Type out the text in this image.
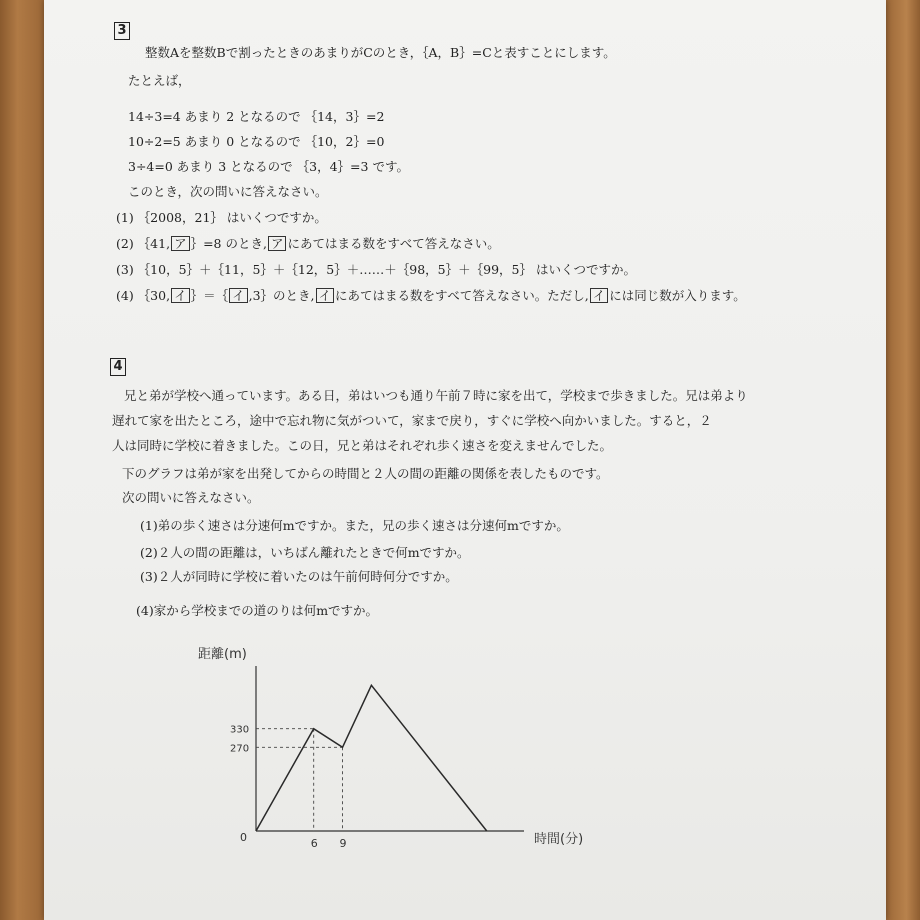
3
整数Aを整数Bで割ったときのあまりがCのとき，｛A，B｝=Cと表すことにします。
たとえば，
14÷3=4 あまり 2 となるので ｛14，3｝=2
10÷2=5 あまり 0 となるので ｛10，2｝=0
3÷4=0 あまり 3 となるので ｛3，4｝=3 です。
このとき，次の問いに答えなさい。
(1) ｛2008，21｝ はいくつですか。
(2) ｛41, ア ｝=8 のとき, ア にあてはまる数をすべて答えなさい。
(3) ｛10，5｝＋｛11，5｝＋｛12，5｝＋……＋｛98，5｝＋｛99，5｝ はいくつですか。
(4) ｛30, イ ｝＝｛ イ ,3｝のとき, イ にあてはまる数をすべて答えなさい。ただし, イ には同じ数が入ります。
4
兄と弟が学校へ通っています。ある日，弟はいつも通り午前７時に家を出て，学校まで歩きました。兄は弟より
遅れて家を出たところ，途中で忘れ物に気がついて，家まで戻り，すぐに学校へ向かいました。すると，２
人は同時に学校に着きました。この日，兄と弟はそれぞれ歩く速さを変えませんでした。
下のグラフは弟が家を出発してからの時間と２人の間の距離の関係を表したものです。
次の問いに答えなさい。
(1)弟の歩く速さは分速何mですか。また，兄の歩く速さは分速何mですか。
(2)２人の間の距離は，いちばん離れたときで何mですか。
(3)２人が同時に学校に着いたのは午前何時何分ですか。
(4)家から学校までの道のりは何mですか。
距離(m)
時間(分)
0	6 9
330
270
